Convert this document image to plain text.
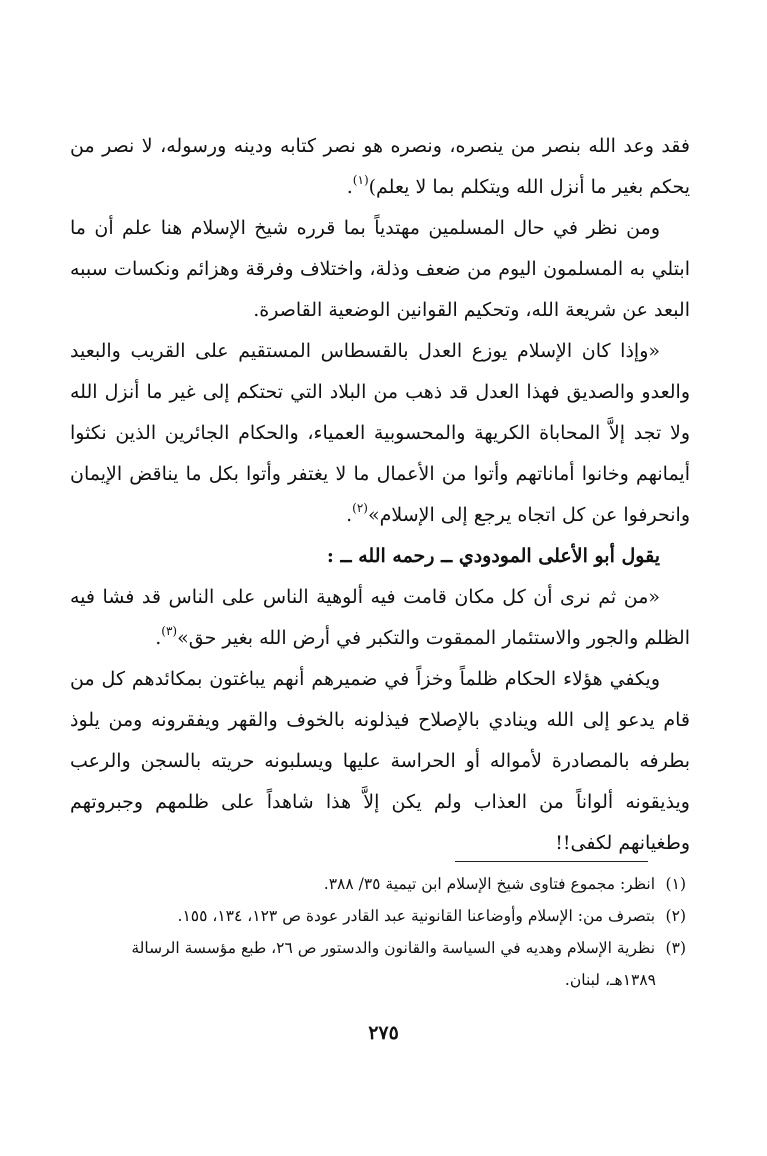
فقد وعد الله بنصر من ينصره، ونصره هو نصر كتابه ودينه ورسوله، لا نصر من يحكم بغير ما أنزل الله ويتكلم بما لا يعلم)$^{(١)}$.

ومن نظر في حال المسلمين مهتدياً بما قرره شيخ الإسلام هنا علم أن ما ابتلي به المسلمون اليوم من ضعف وذلة، واختلاف وفرقة وهزائم ونكسات سببه البعد عن شريعة الله، وتحكيم القوانين الوضعية القاصرة.

«وإذا كان الإسلام يوزع العدل بالقسطاس المستقيم على القريب والبعيد والعدو والصديق فهذا العدل قد ذهب من البلاد التي تحتكم إلى غير ما أنزل الله ولا تجد إلاَّ المحاباة الكريهة والمحسوبية العمياء، والحكام الجائرين الذين نكثوا أيمانهم وخانوا أماناتهم وأتوا من الأعمال ما لا يغتفر وأتوا بكل ما يناقض الإيمان وانحرفوا عن كل اتجاه يرجع إلى الإسلام»$^{(٢)}$.

يقول أبو الأعلى المودودي ــ رحمه الله ــ :

«من ثم نرى أن كل مكان قامت فيه ألوهية الناس على الناس قد فشا فيه الظلم والجور والاستئمار الممقوت والتكبر في أرض الله بغير حق»$^{(٣)}$.

ويكفي هؤلاء الحكام ظلماً وخزاً في ضميرهم أنهم يباغتون بمكائدهم كل من قام يدعو إلى الله وينادي بالإصلاح فيذلونه بالخوف والقهر ويفقرونه ومن يلوذ بطرفه بالمصادرة لأمواله أو الحراسة عليها ويسلبونه حريته بالسجن والرعب ويذيقونه ألواناً من العذاب ولم يكن إلاَّ هذا شاهداً على ظلمهم وجبروتهم وطغيانهم لكفى!!

(١) انظر: مجموع فتاوى شيخ الإسلام ابن تيمية ٣٥/ ٣٨٨.
(٢) بتصرف من: الإسلام وأوضاعنا القانونية عبد القادر عودة ص ١٢٣، ١٣٤، ١٥٥.
(٣) نظرية الإسلام وهديه في السياسة والقانون والدستور ص ٢٦، طبع مؤسسة الرسالة
١٣٨٩هـ، لبنان.
٢٧٥
